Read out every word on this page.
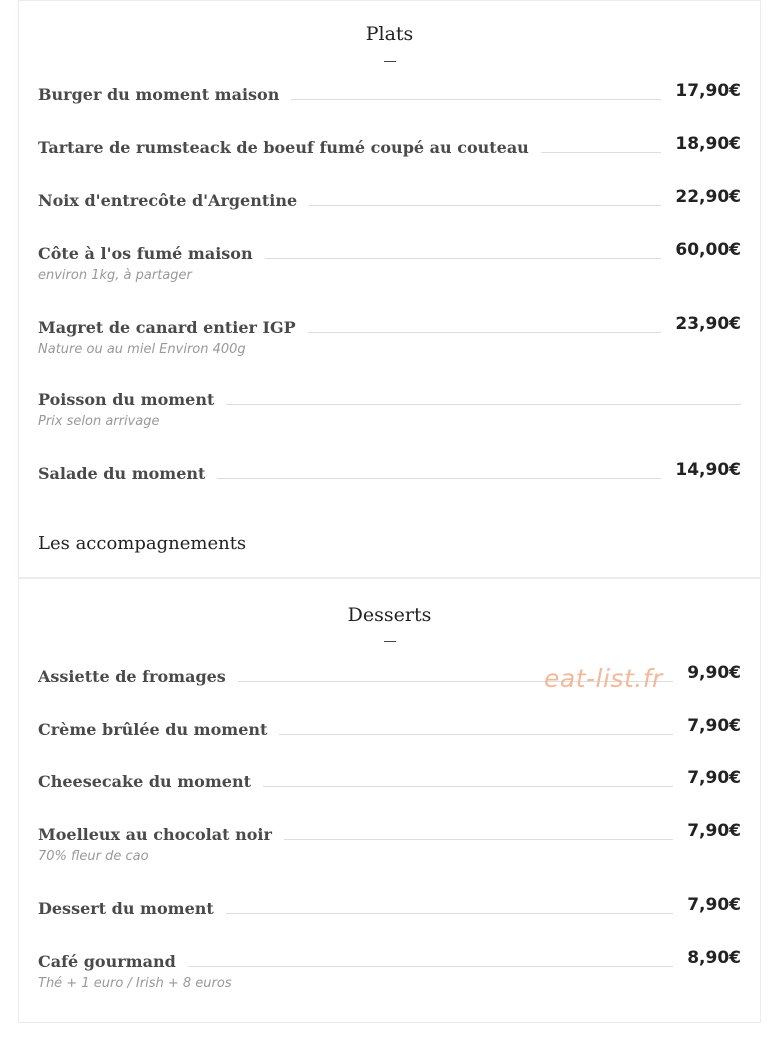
Plats
Burger du moment maison	17,90€
Tartare de rumsteack de boeuf fumé coupé au couteau	18,90€
Noix d'entrecôte d'Argentine	22,90€
Côte à l'os fumé maison	60,00€
environ 1kg, à partager
Magret de canard entier IGP	23,90€
Nature ou au miel Environ 400g
Poisson du moment
Prix selon arrivage
Salade du moment	14,90€
Les accompagnements
Desserts
Assiette de fromages	9,90€
Crème brûlée du moment	7,90€
Cheesecake du moment	7,90€
Moelleux au chocolat noir	7,90€
70% fleur de cao
Dessert du moment	7,90€
Café gourmand	8,90€
Thé + 1 euro / Irish + 8 euros
eat-list.fr
